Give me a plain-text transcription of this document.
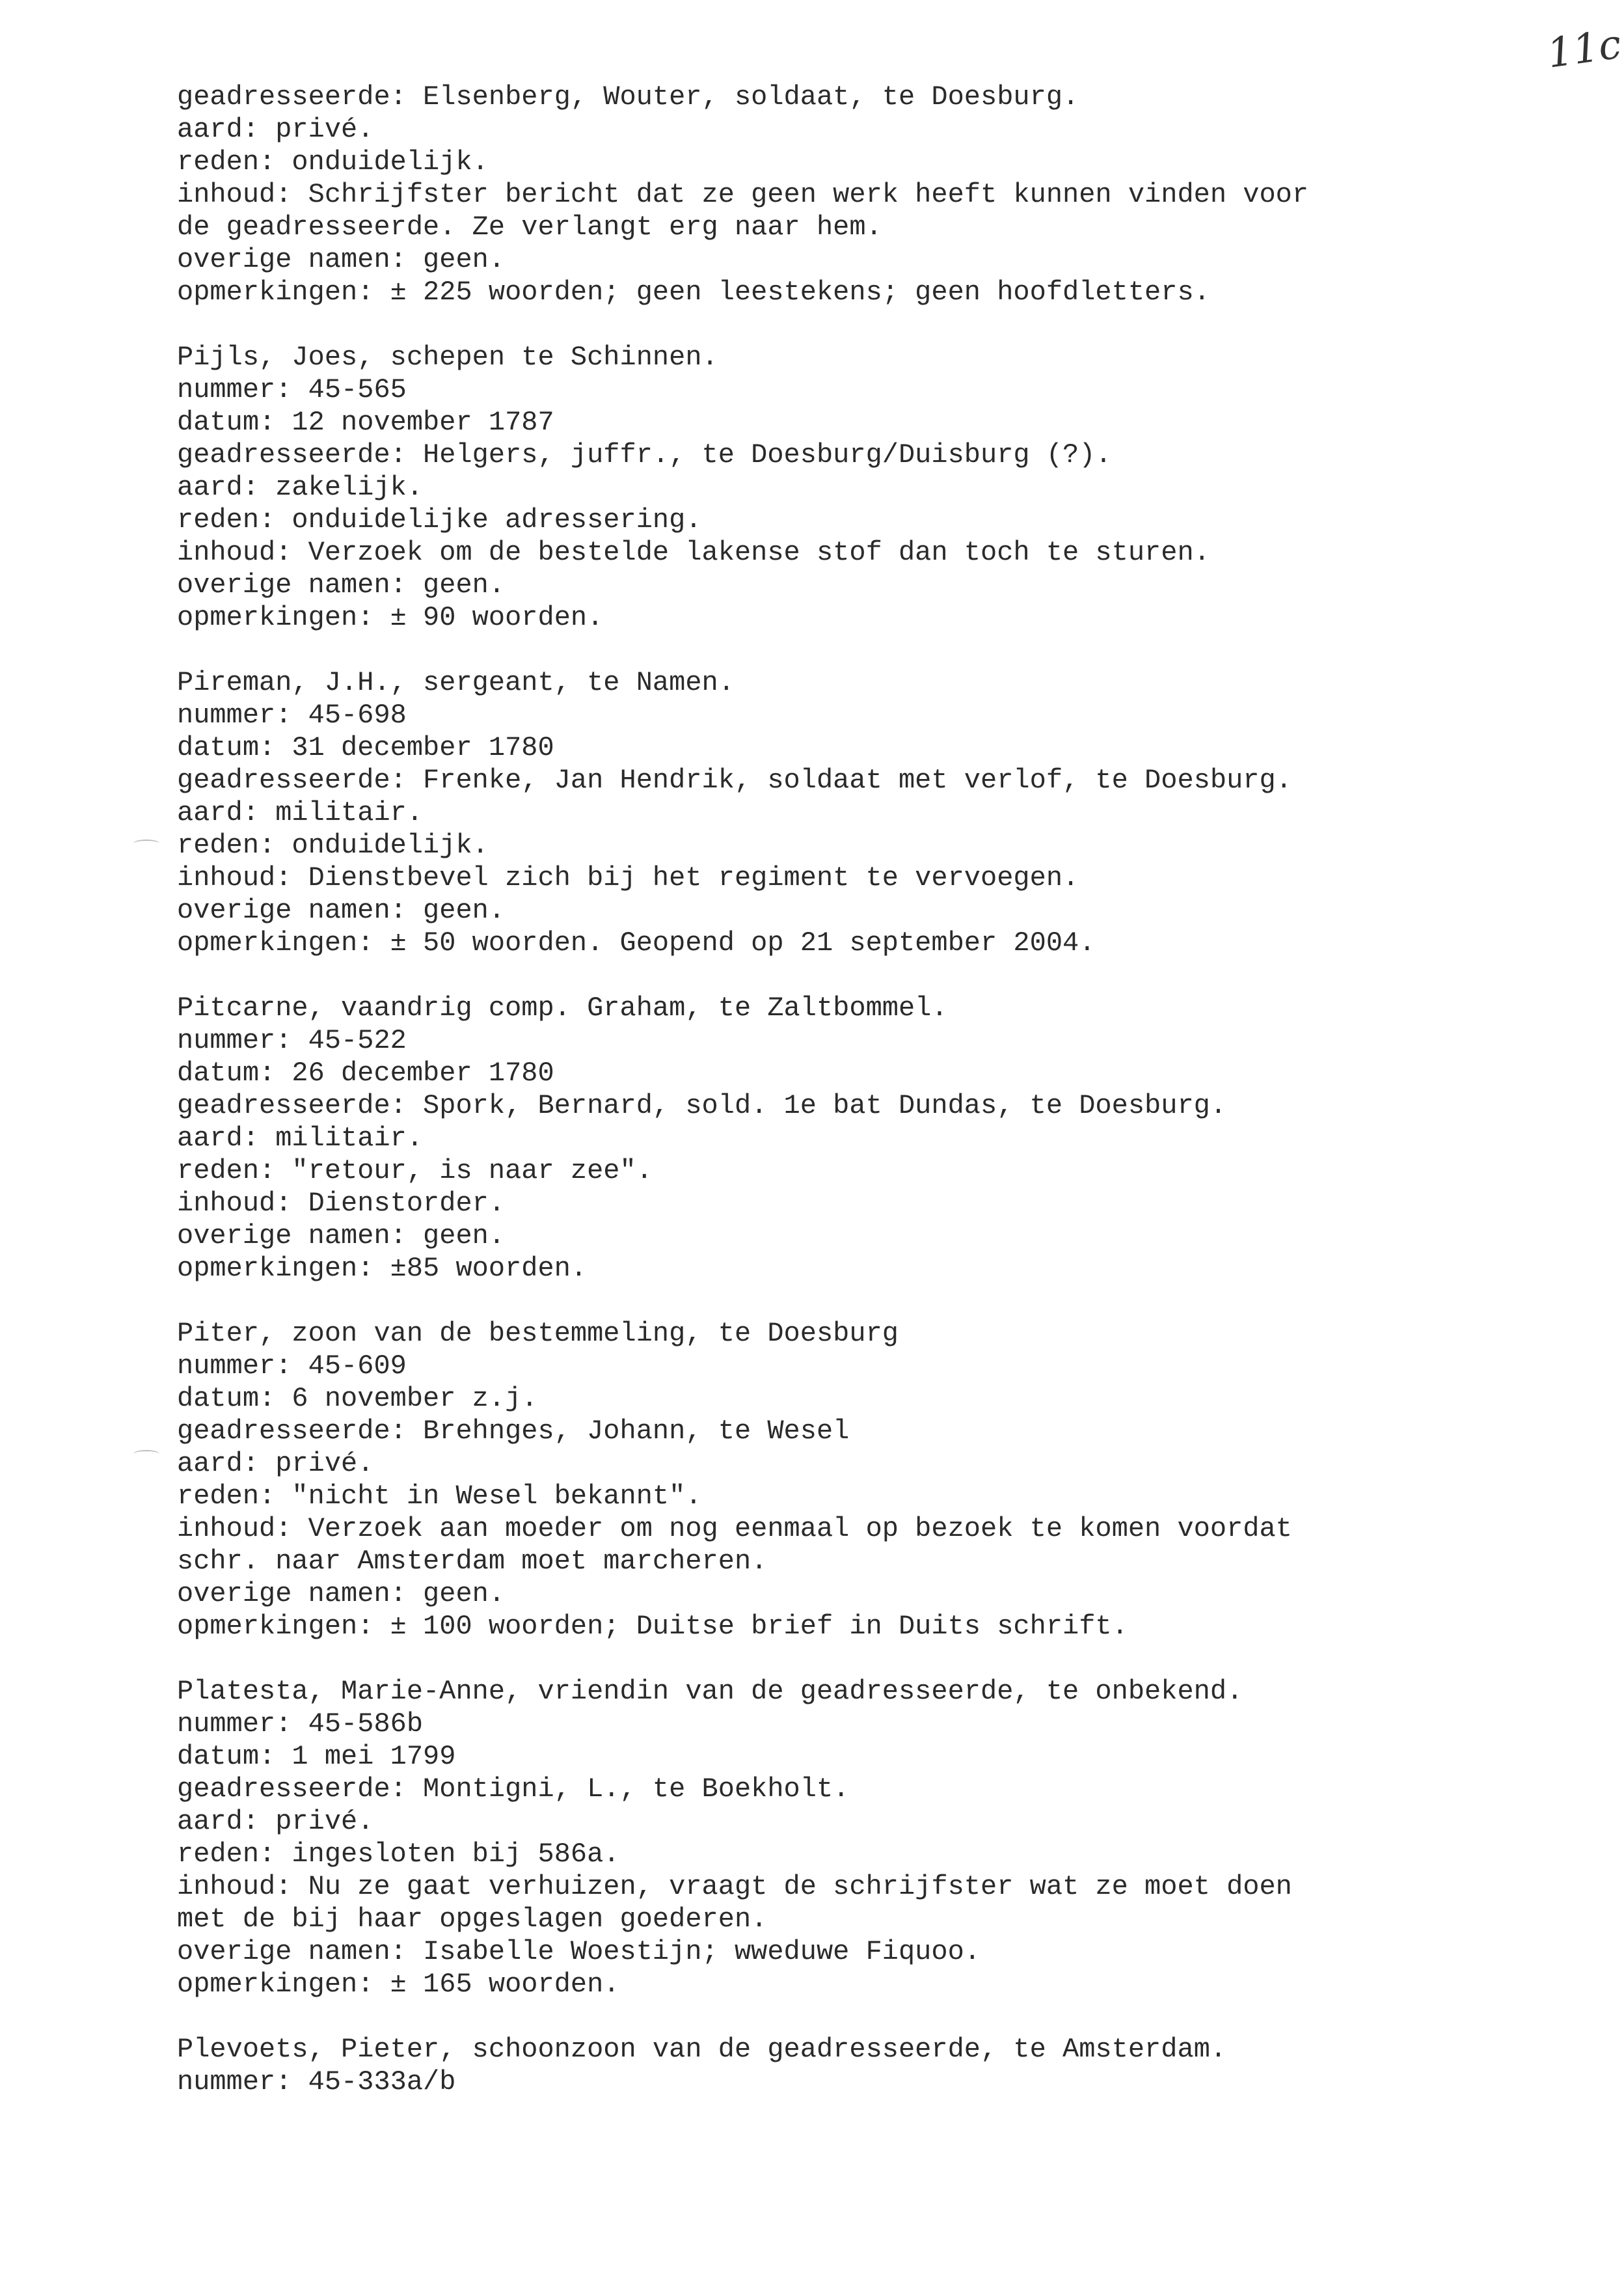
11c
geadresseerde: Elsenberg, Wouter, soldaat, te Doesburg.
aard: privé.
reden: onduidelijk.
inhoud: Schrijfster bericht dat ze geen werk heeft kunnen vinden voor
de geadresseerde. Ze verlangt erg naar hem.
overige namen: geen.
opmerkingen: ± 225 woorden; geen leestekens; geen hoofdletters.
Pijls, Joes, schepen te Schinnen.
nummer: 45-565
datum: 12 november 1787
geadresseerde: Helgers, juffr., te Doesburg/Duisburg (?).
aard: zakelijk.
reden: onduidelijke adressering.
inhoud: Verzoek om de bestelde lakense stof dan toch te sturen.
overige namen: geen.
opmerkingen: ± 90 woorden.
Pireman, J.H., sergeant, te Namen.
nummer: 45-698
datum: 31 december 1780
geadresseerde: Frenke, Jan Hendrik, soldaat met verlof, te Doesburg.
aard: militair.
reden: onduidelijk.
inhoud: Dienstbevel zich bij het regiment te vervoegen.
overige namen: geen.
opmerkingen: ± 50 woorden. Geopend op 21 september 2004.
Pitcarne, vaandrig comp. Graham, te Zaltbommel.
nummer: 45-522
datum: 26 december 1780
geadresseerde: Spork, Bernard, sold. 1e bat Dundas, te Doesburg.
aard: militair.
reden: "retour, is naar zee".
inhoud: Dienstorder.
overige namen: geen.
opmerkingen: ±85 woorden.
Piter, zoon van de bestemmeling, te Doesburg
nummer: 45-609
datum: 6 november z.j.
geadresseerde: Brehnges, Johann, te Wesel
aard: privé.
reden: "nicht in Wesel bekannt".
inhoud: Verzoek aan moeder om nog eenmaal op bezoek te komen voordat
schr. naar Amsterdam moet marcheren.
overige namen: geen.
opmerkingen: ± 100 woorden; Duitse brief in Duits schrift.
Platesta, Marie-Anne, vriendin van de geadresseerde, te onbekend.
nummer: 45-586b
datum: 1 mei 1799
geadresseerde: Montigni, L., te Boekholt.
aard: privé.
reden: ingesloten bij 586a.
inhoud: Nu ze gaat verhuizen, vraagt de schrijfster wat ze moet doen
met de bij haar opgeslagen goederen.
overige namen: Isabelle Woestijn; wweduwe Fiquoo.
opmerkingen: ± 165 woorden.
Plevoets, Pieter, schoonzoon van de geadresseerde, te Amsterdam.
nummer: 45-333a/b
